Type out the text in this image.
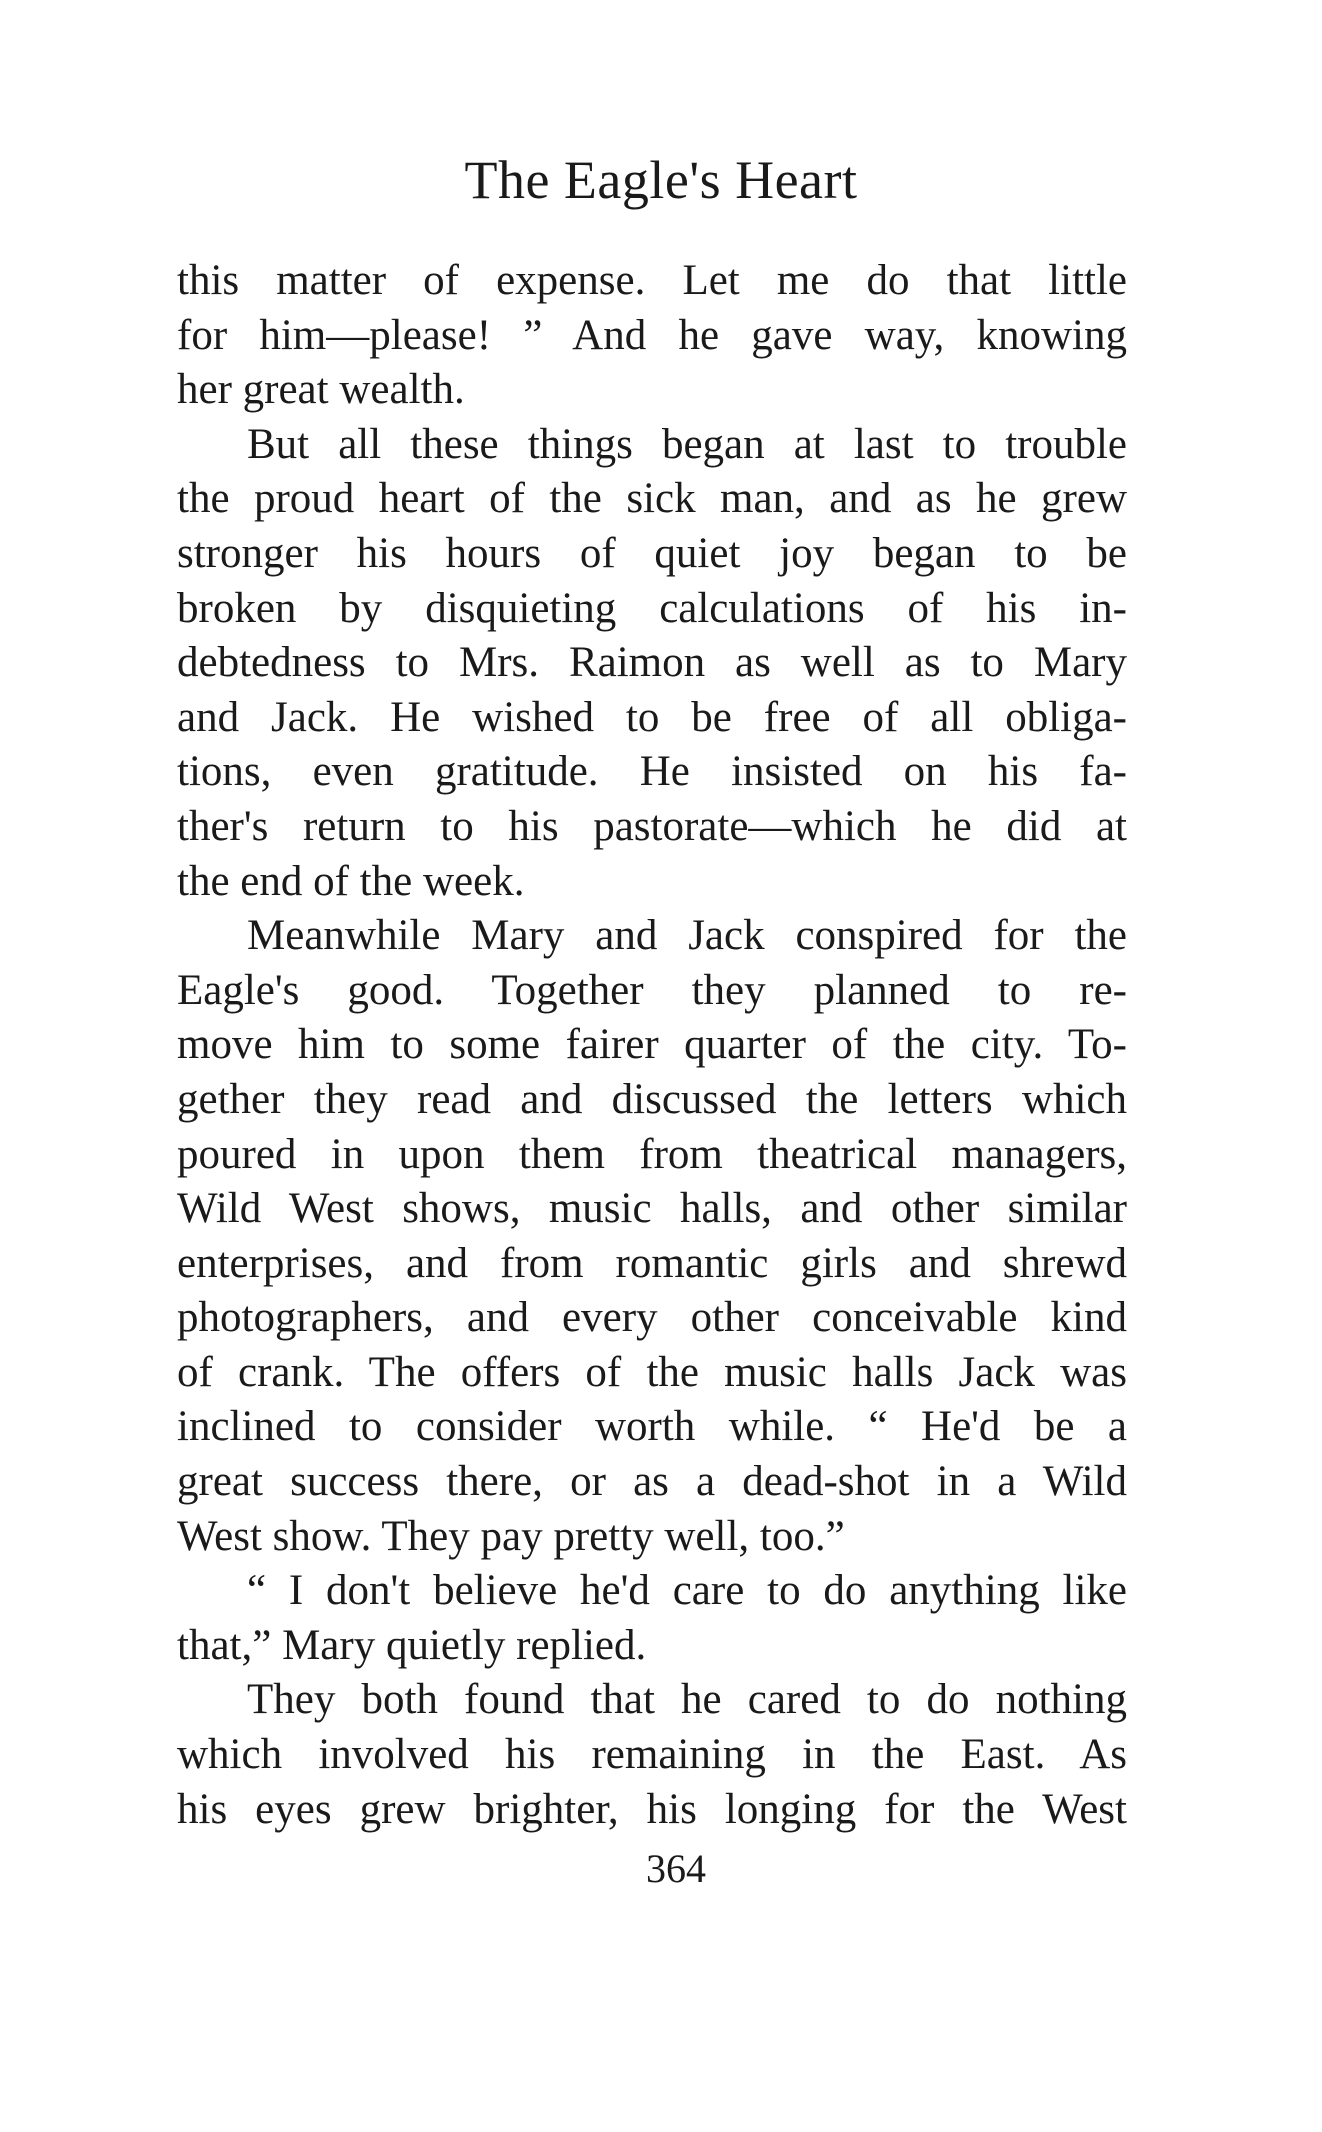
The Eagle's Heart
this matter of expense. Let me do that little
for him—please! ” And he gave way, knowing
her great wealth.
But all these things began at last to trouble
the proud heart of the sick man, and as he grew
stronger his hours of quiet joy began to be
broken by disquieting calculations of his in-
debtedness to Mrs. Raimon as well as to Mary
and Jack. He wished to be free of all obliga-
tions, even gratitude. He insisted on his fa-
ther's return to his pastorate—which he did at
the end of the week.
Meanwhile Mary and Jack conspired for the
Eagle's good. Together they planned to re-
move him to some fairer quarter of the city. To-
gether they read and discussed the letters which
poured in upon them from theatrical managers,
Wild West shows, music halls, and other similar
enterprises, and from romantic girls and shrewd
photographers, and every other conceivable kind
of crank. The offers of the music halls Jack was
inclined to consider worth while. “ He'd be a
great success there, or as a dead-shot in a Wild
West show. They pay pretty well, too.”
“ I don't believe he'd care to do anything like
that,” Mary quietly replied.
They both found that he cared to do nothing
which involved his remaining in the East. As
his eyes grew brighter, his longing for the West
364
